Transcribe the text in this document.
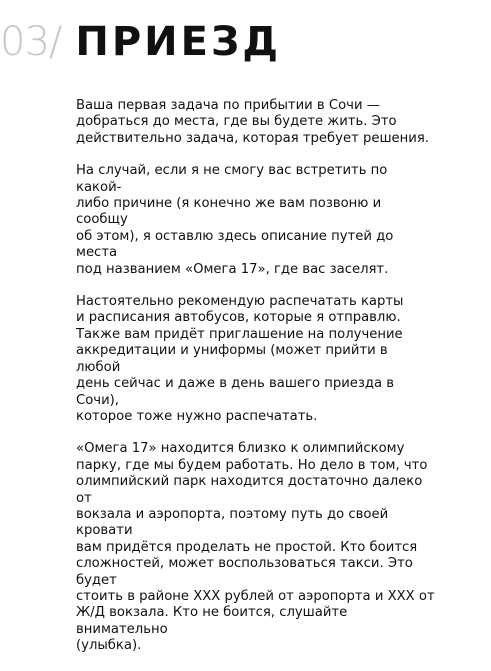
03/ ПРИЕЗД

Ваша первая задача по прибытии в Сочи —
добраться до места, где вы будете жить. Это
действительно задача, которая требует решения.

На случай, если я не смогу вас встретить по какой-
либо причине (я конечно же вам позвоню и сообщу
об этом), я оставлю здесь описание путей до места
под названием «Омега 17», где вас заселят.

Настоятельно рекомендую распечатать карты
и расписания автобусов, которые я отправлю.
Также вам придёт приглашение на получение
аккредитации и униформы (может прийти в любой
день сейчас и даже в день вашего приезда в Сочи),
которое тоже нужно распечатать.

«Омега 17» находится близко к олимпийскому
парку, где мы будем работать. Но дело в том, что
олимпийский парк находится достаточно далеко от
вокзала и аэропорта, поэтому путь до своей кровати
вам придётся проделать не простой. Кто боится
сложностей, может воспользоваться такси. Это будет
стоить в районе ХХХ рублей от аэропорта и ХХХ от
Ж/Д вокзала. Кто не боится, слушайте внимательно
(улыбка).
